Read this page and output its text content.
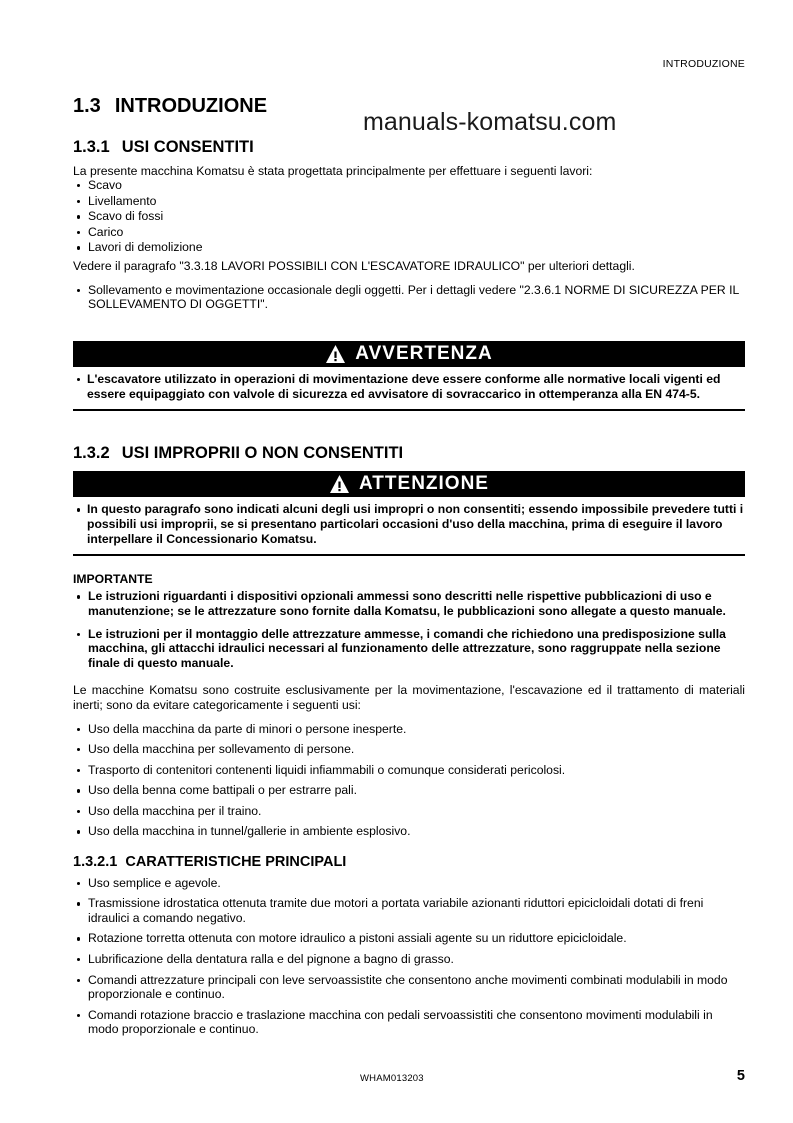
INTRODUZIONE
manuals-komatsu.com
1.3 INTRODUZIONE
1.3.1 USI CONSENTITI

La presente macchina Komatsu è stata progettata principalmente per effettuare i seguenti lavori:

Scavo
Livellamento
Scavo di fossi
Carico
Lavori di demolizione

Vedere il paragrafo "3.3.18 LAVORI POSSIBILI CON L'ESCAVATORE IDRAULICO" per ulteriori dettagli.

Sollevamento e movimentazione occasionale degli oggetti. Per i dettagli vedere "2.3.6.1 NORME DI SICUREZZA PER IL SOLLEVAMENTO DI OGGETTI".
AVVERTENZA
L'escavatore utilizzato in operazioni di movimentazione deve essere conforme alle normative locali vigenti ed essere equipaggiato con valvole di sicurezza ed avvisatore di sovraccarico in ottemperanza alla EN 474-5.
1.3.2 USI IMPROPRII O NON CONSENTITI
ATTENZIONE
In questo paragrafo sono indicati alcuni degli usi impropri o non consentiti; essendo impossibile prevedere tutti i possibili usi improprii, se si presentano particolari occasioni d'uso della macchina, prima di eseguire il lavoro interpellare il Concessionario Komatsu.
IMPORTANTE
Le istruzioni riguardanti i dispositivi opzionali ammessi sono descritti nelle rispettive pubblicazioni di uso e manutenzione; se le attrezzature sono fornite dalla Komatsu, le pubblicazioni sono allegate a questo manuale.
Le istruzioni per il montaggio delle attrezzature ammesse, i comandi che richiedono una predisposizione sulla macchina, gli attacchi idraulici necessari al funzionamento delle attrezzature, sono raggruppate nella sezione finale di questo manuale.

Le macchine Komatsu sono costruite esclusivamente per la movimentazione, l'escavazione ed il trattamento di materiali inerti; sono da evitare categoricamente i seguenti usi:

Uso della macchina da parte di minori o persone inesperte.
Uso della macchina per sollevamento di persone.
Trasporto di contenitori contenenti liquidi infiammabili o comunque considerati pericolosi.
Uso della benna come battipali o per estrarre pali.
Uso della macchina per il traino.
Uso della macchina in tunnel/gallerie in ambiente esplosivo.
1.3.2.1 CARATTERISTICHE PRINCIPALI
Uso semplice e agevole.
Trasmissione idrostatica ottenuta tramite due motori a portata variabile azionanti riduttori epicicloidali dotati di freni idraulici a comando negativo.
Rotazione torretta ottenuta con motore idraulico a pistoni assiali agente su un riduttore epicicloidale.
Lubrificazione della dentatura ralla e del pignone a bagno di grasso.
Comandi attrezzature principali con leve servoassistite che consentono anche movimenti combinati modulabili in modo proporzionale e continuo.
Comandi rotazione braccio e traslazione macchina con pedali servoassistiti che consentono movimenti modulabili in modo proporzionale e continuo.
WHAM013203	5
